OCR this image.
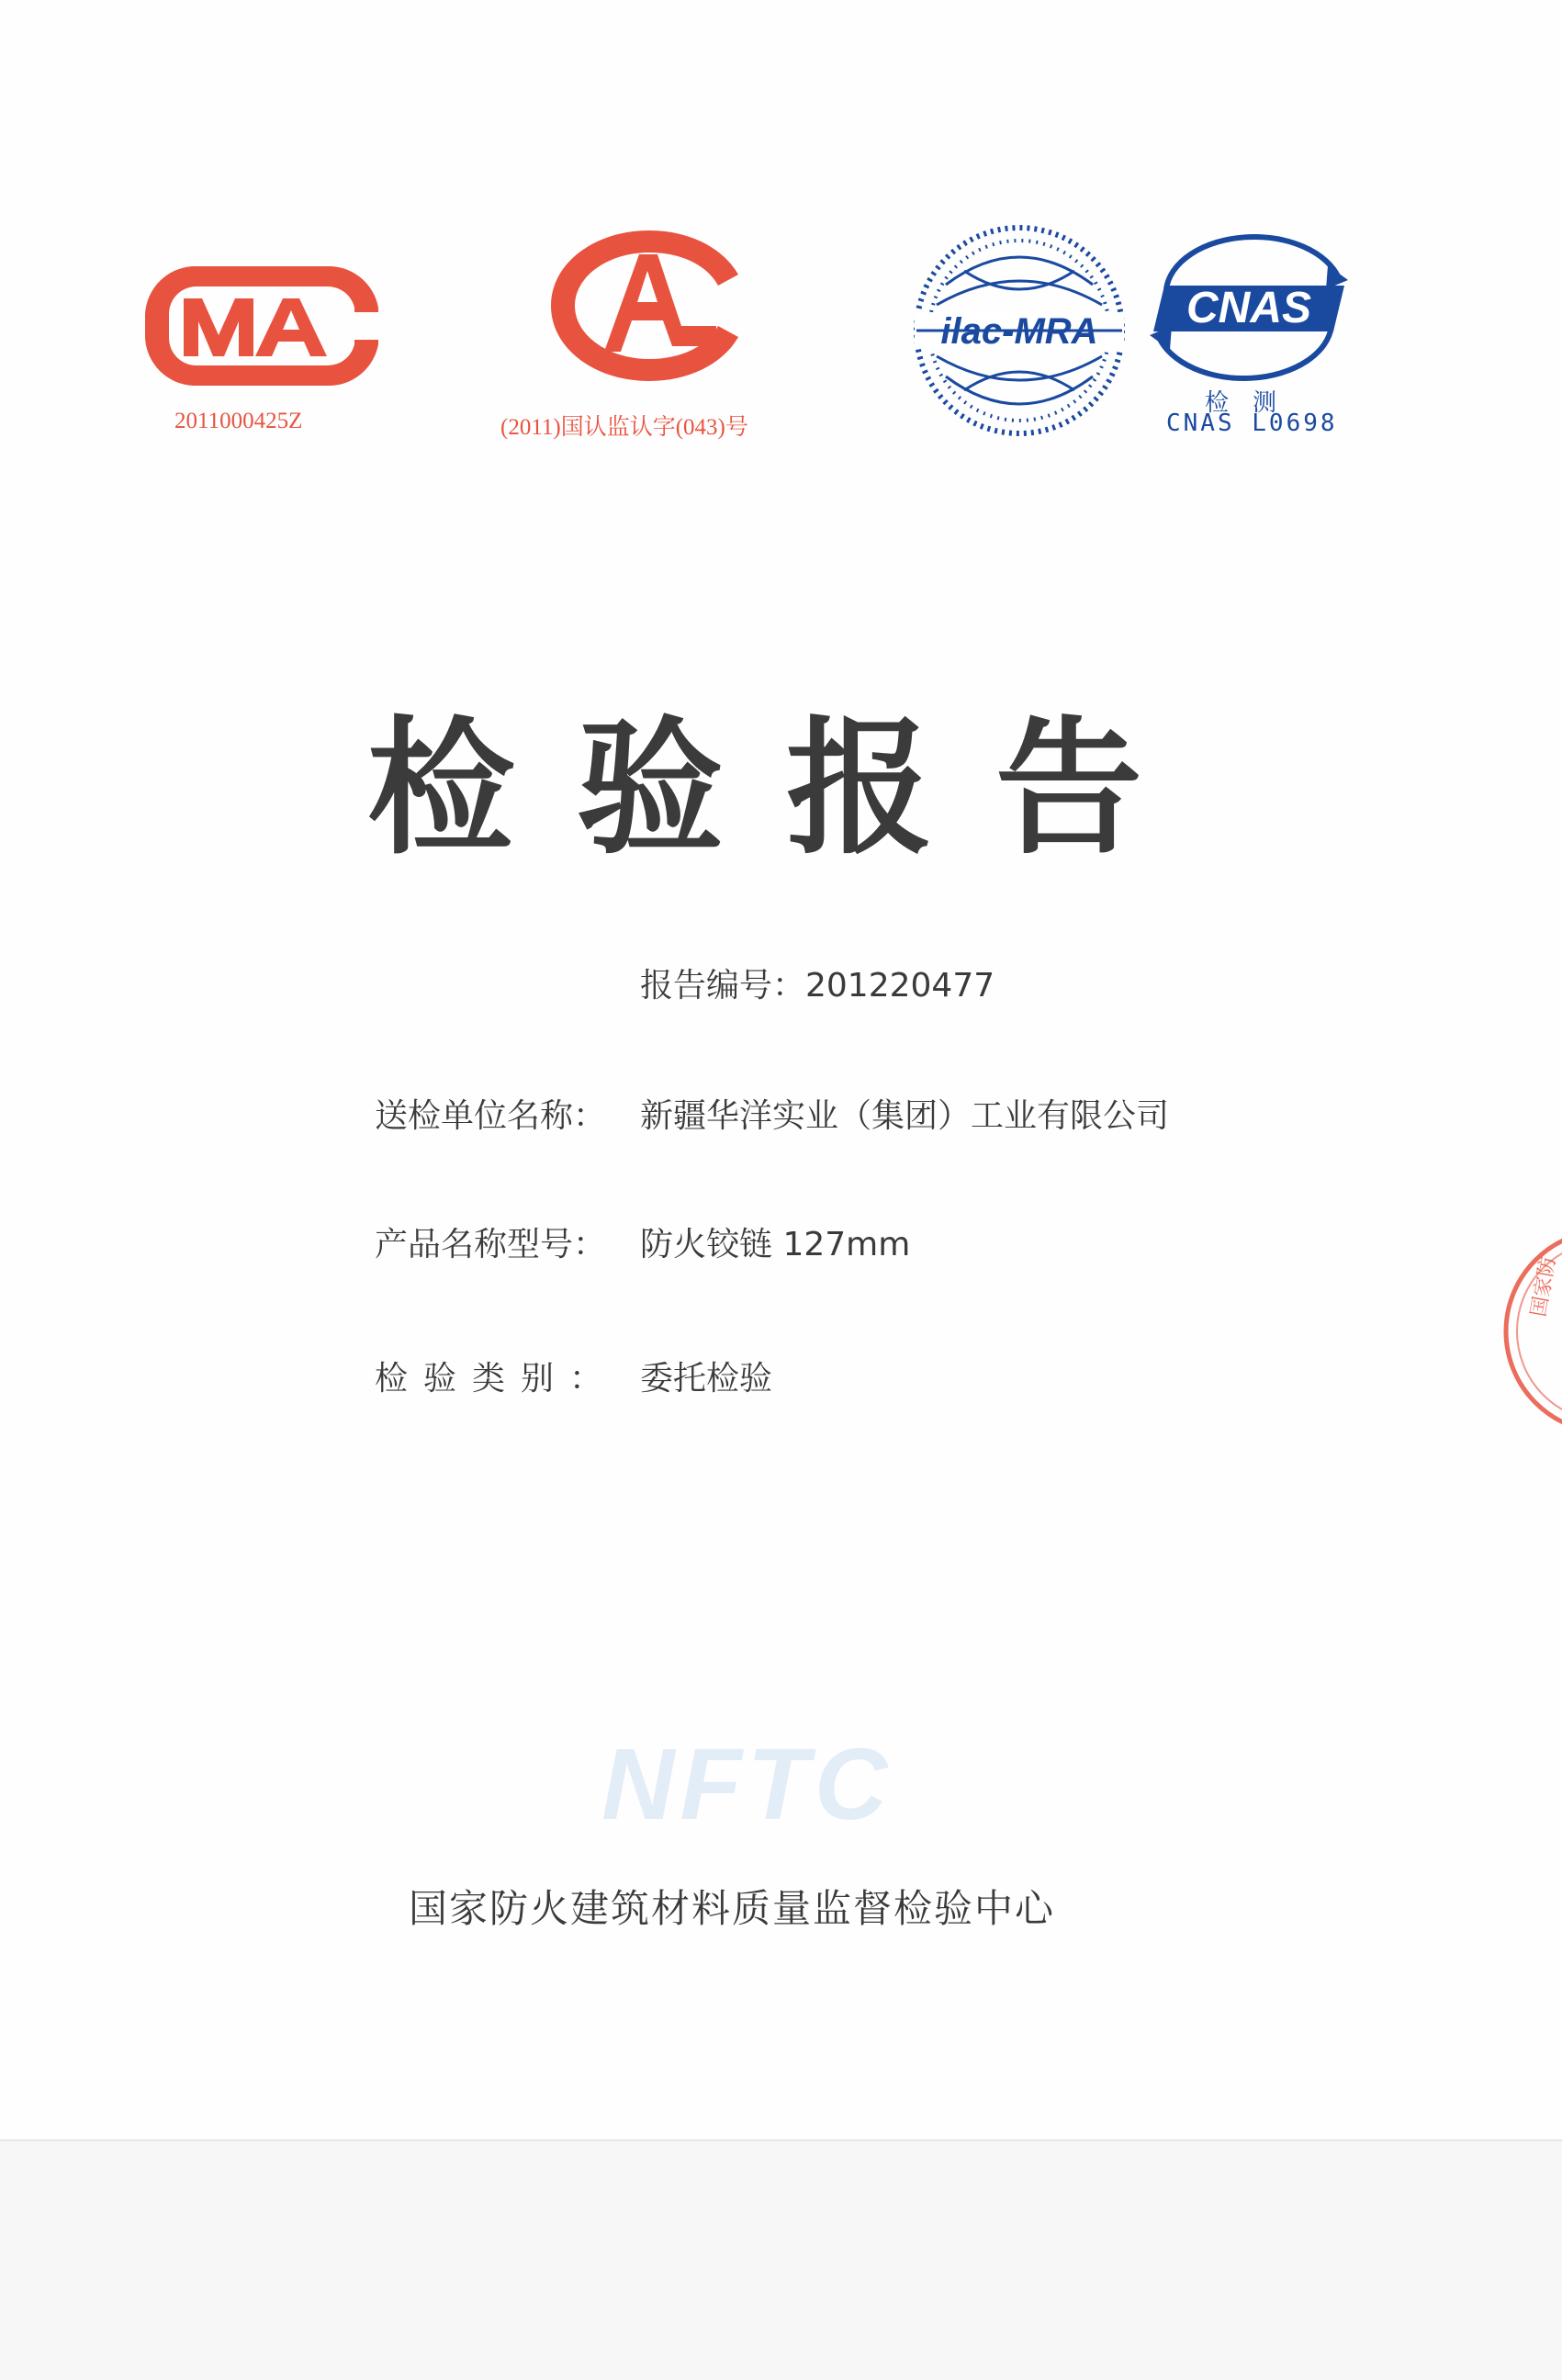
2011000425Z	(2011)国认监认字(043)号
ilac-MRA CNAS
检测
CNAS L0698
检验报告
报告编号：201220477
送检单位名称： 新疆华洋实业（集团）工业有限公司
产品名称型号： 防火铰链 127mm
检验类别： 委托检验
NFTC
国家防火建筑材料质量监督检验中心
国家防
